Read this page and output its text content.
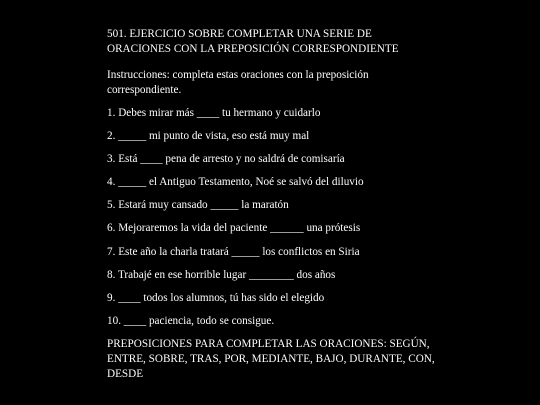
501. EJERCICIO SOBRE COMPLETAR UNA SERIE DE ORACIONES CON LA PREPOSICIÓN CORRESPONDIENTE

Instrucciones: completa estas oraciones con la preposición correspondiente.

1. Debes mirar más ____ tu hermano y cuidarlo
2. _____ mi punto de vista, eso está muy mal
3. Está ____ pena de arresto y no saldrá de comisaría
4. _____ el Antiguo Testamento, Noé se salvó del diluvio
5. Estará muy cansado _____ la maratón
6. Mejoraremos la vida del paciente ______ una prótesis
7. Este año la charla tratará _____ los conflictos en Siria
8. Trabajé en ese horrible lugar ________ dos años
9. ____ todos los alumnos, tú has sido el elegido
10. ____ paciencia, todo se consigue.

PREPOSICIONES PARA COMPLETAR LAS ORACIONES: SEGÚN, ENTRE, SOBRE, TRAS, POR, MEDIANTE, BAJO, DURANTE, CON, DESDE
